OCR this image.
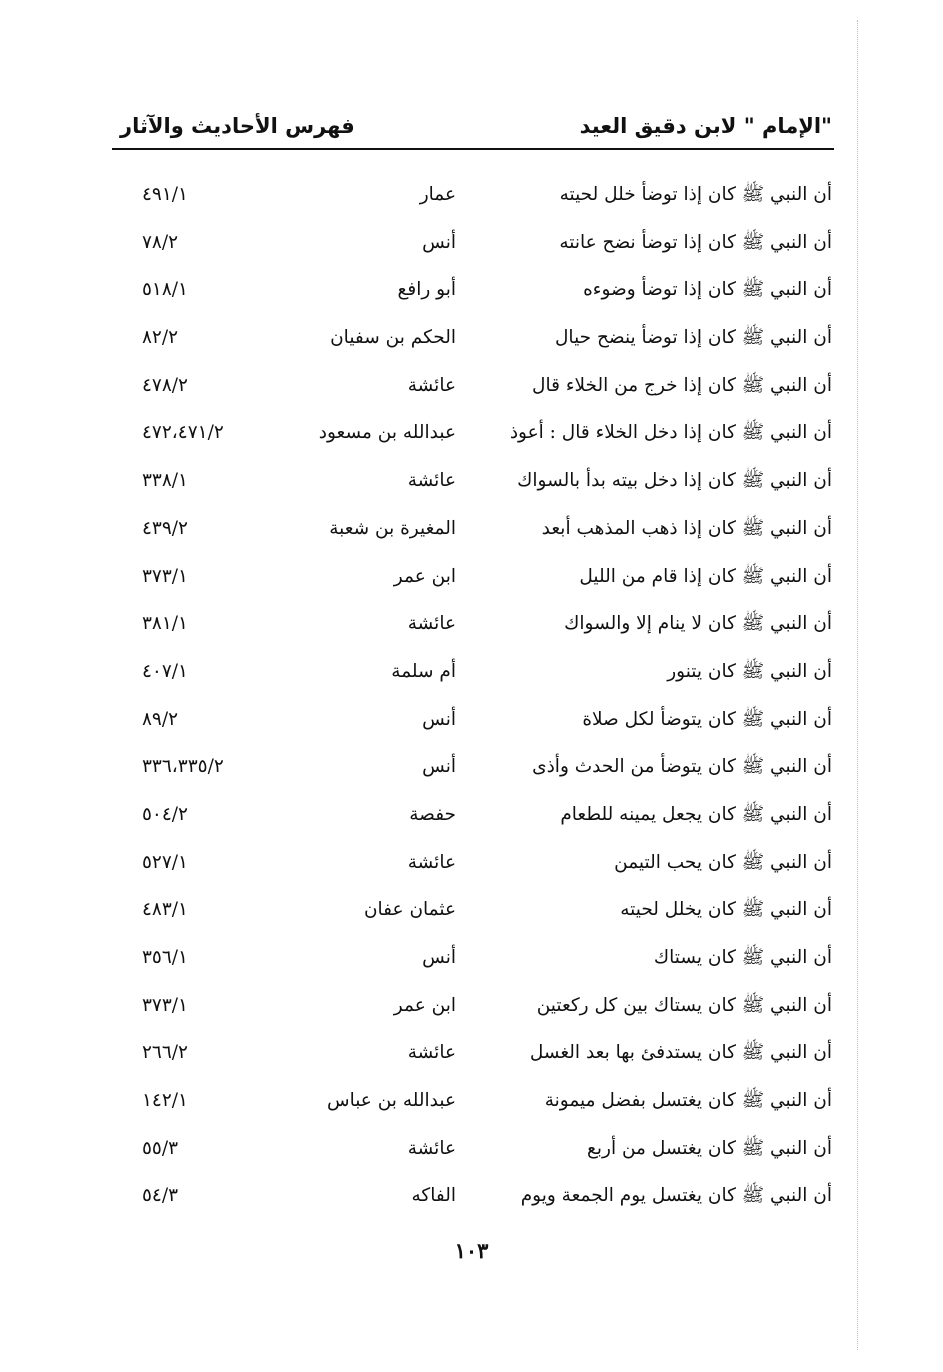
"الإمام " لابن دقيق العيد
فهرس الأحاديث والآثار
أن النبي ﷺ كان إذا توضأ خلل لحيته
عمار
٤٩١/١
أن النبي ﷺ كان إذا توضأ نضح عانته
أنس
٧٨/٢
أن النبي ﷺ كان إذا توضأ وضوءه
أبو رافع
٥١٨/١
أن النبي ﷺ كان إذا توضأ ينضح حيال
الحكم بن سفيان
٨٢/٢
أن النبي ﷺ كان إذا خرج من الخلاء قال
عائشة
٤٧٨/٢
أن النبي ﷺ كان إذا دخل الخلاء قال : أعوذ
عبدالله بن مسعود
٤٧٢،٤٧١/٢
أن النبي ﷺ كان إذا دخل بيته بدأ بالسواك
عائشة
٣٣٨/١
أن النبي ﷺ كان إذا ذهب المذهب أبعد
المغيرة بن شعبة
٤٣٩/٢
أن النبي ﷺ كان إذا قام من الليل
ابن عمر
٣٧٣/١
أن النبي ﷺ كان لا ينام إلا والسواك
عائشة
٣٨١/١
أن النبي ﷺ كان يتنور
أم سلمة
٤٠٧/١
أن النبي ﷺ كان يتوضأ لكل صلاة
أنس
٨٩/٢
أن النبي ﷺ كان يتوضأ من الحدث وأذى
أنس
٣٣٦،٣٣٥/٢
أن النبي ﷺ كان يجعل يمينه للطعام
حفصة
٥٠٤/٢
أن النبي ﷺ كان يحب التيمن
عائشة
٥٢٧/١
أن النبي ﷺ كان يخلل لحيته
عثمان عفان
٤٨٣/١
أن النبي ﷺ كان يستاك
أنس
٣٥٦/١
أن النبي ﷺ كان يستاك بين كل ركعتين
ابن عمر
٣٧٣/١
أن النبي ﷺ كان يستدفئ بها بعد الغسل
عائشة
٢٦٦/٢
أن النبي ﷺ كان يغتسل بفضل ميمونة
عبدالله بن عباس
١٤٢/١
أن النبي ﷺ كان يغتسل من أربع
عائشة
٥٥/٣
أن النبي ﷺ كان يغتسل يوم الجمعة ويوم
الفاكه
٥٤/٣
١٠٣
